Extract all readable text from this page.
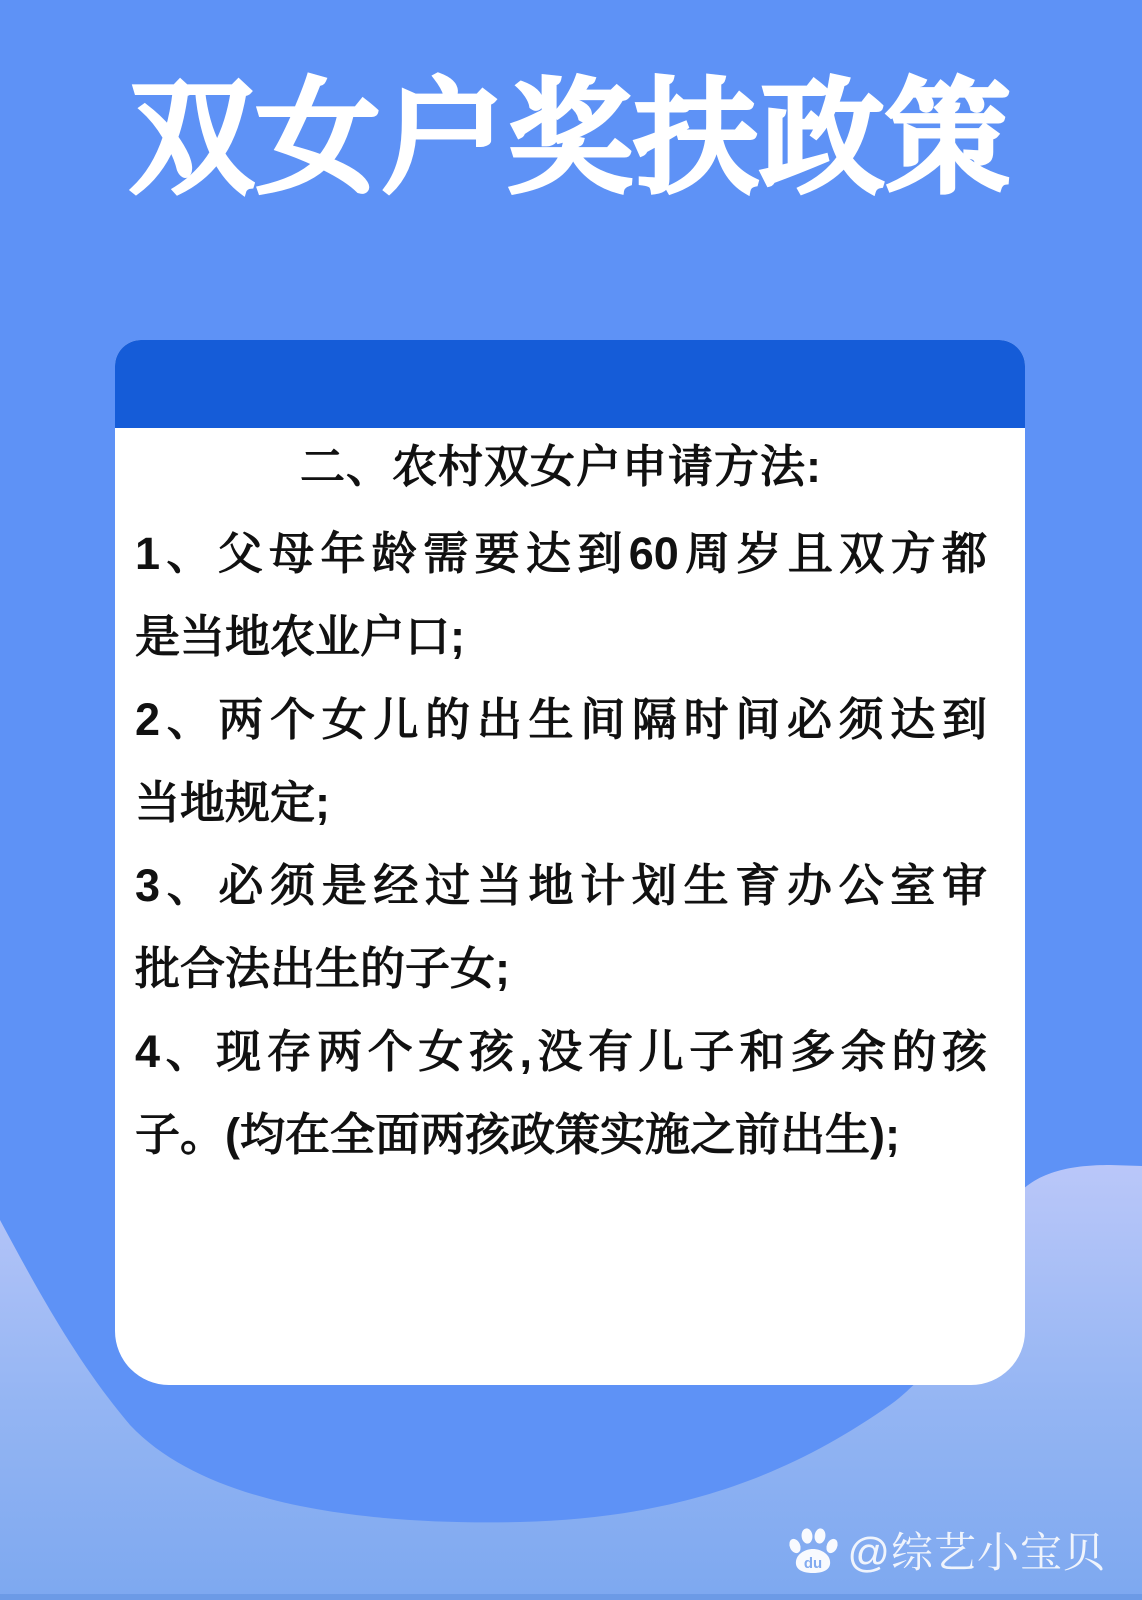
双女户奖扶政策
二、农村双女户申请方法:
1、父母年龄需要达到60周岁且双方都
是当地农业户口;
2、两个女儿的出生间隔时间必须达到
当地规定;
3、必须是经过当地计划生育办公室审
批合法出生的子女;
4、现存两个女孩,没有儿子和多余的孩
子。(均在全面两孩政策实施之前出生);
du @综艺小宝贝
